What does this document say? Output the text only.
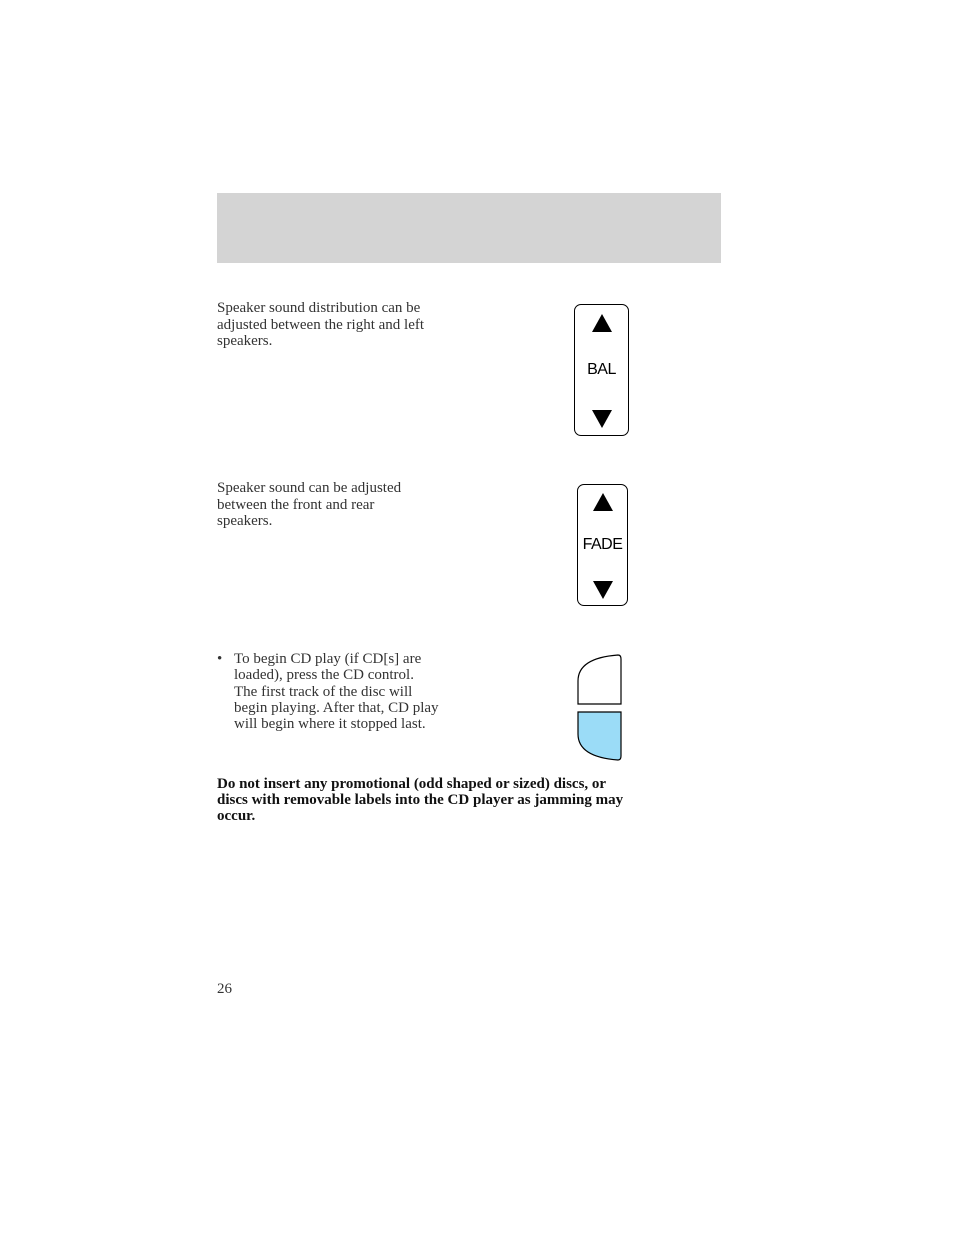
Speaker sound distribution can be
adjusted between the right and left
speakers.
BAL
Speaker sound can be adjusted
between the front and rear
speakers.
FADE
• To begin CD play (if CD[s] are
loaded), press the CD control.
The first track of the disc will
begin playing. After that, CD play
will begin where it stopped last.
Do not insert any promotional (odd shaped or sized) discs, or
discs with removable labels into the CD player as jamming may
occur.
26
